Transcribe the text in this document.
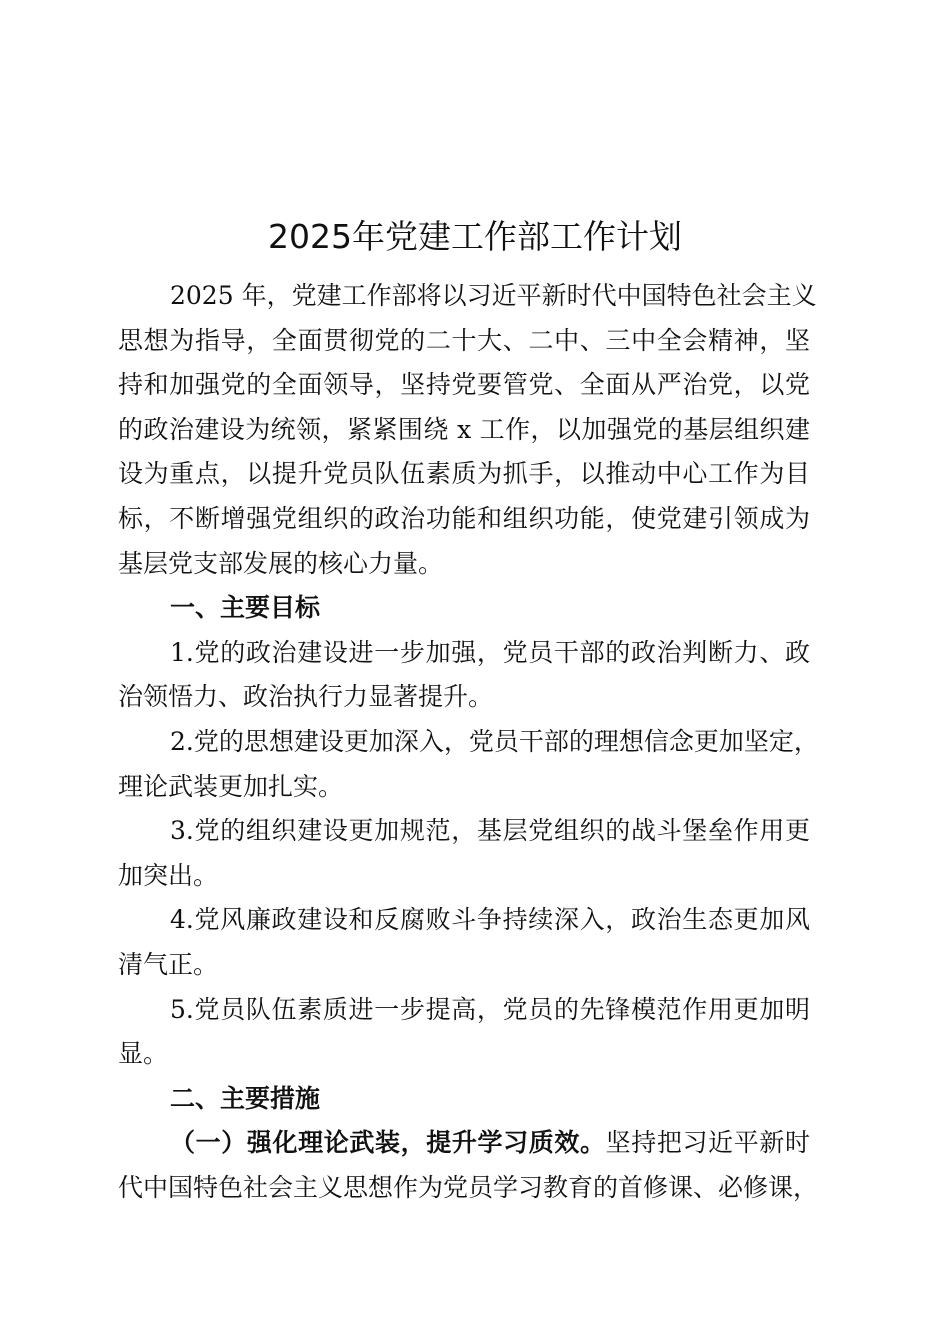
2025年党建工作部工作计划
2025 年，党建工作部将以习近平新时代中国特色社会主义
思想为指导，全面贯彻党的二十大、二中、三中全会精神，坚
持和加强党的全面领导，坚持党要管党、全面从严治党，以党
的政治建设为统领，紧紧围绕 x 工作，以加强党的基层组织建
设为重点，以提升党员队伍素质为抓手，以推动中心工作为目
标，不断增强党组织的政治功能和组织功能，使党建引领成为
基层党支部发展的核心力量。
一、主要目标
1.党的政治建设进一步加强，党员干部的政治判断力、政
治领悟力、政治执行力显著提升。
2.党的思想建设更加深入，党员干部的理想信念更加坚定，
理论武装更加扎实。
3.党的组织建设更加规范，基层党组织的战斗堡垒作用更
加突出。
4.党风廉政建设和反腐败斗争持续深入，政治生态更加风
清气正。
5.党员队伍素质进一步提高，党员的先锋模范作用更加明
显。
二、主要措施
（一）强化理论武装，提升学习质效。坚持把习近平新时
代中国特色社会主义思想作为党员学习教育的首修课、必修课，
